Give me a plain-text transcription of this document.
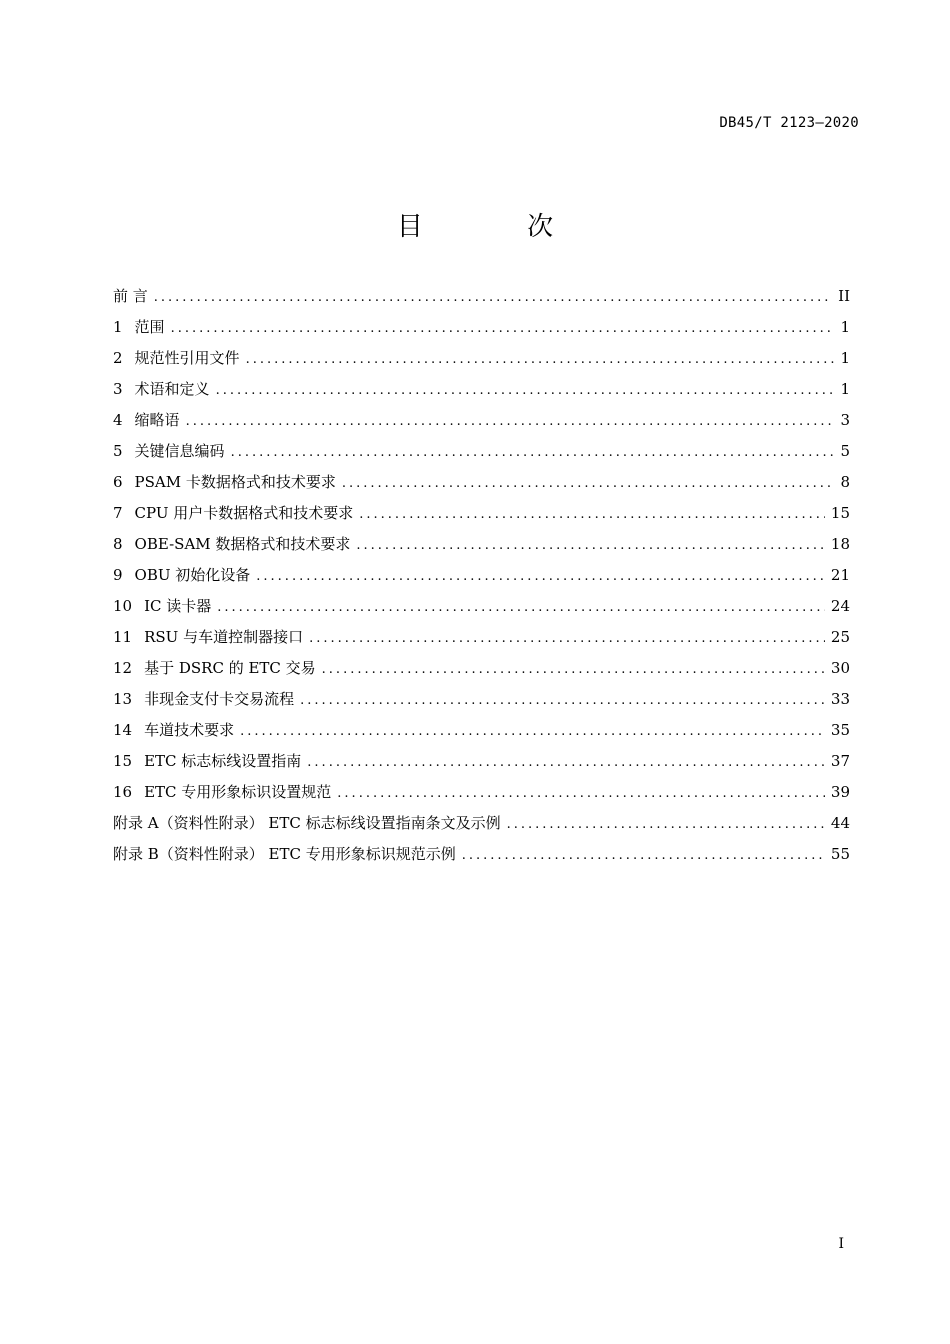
DB45/T 2123—2020
目 次
前 言 .....	II
1 范围 .....	1
2 规范性引用文件 .....	1
3 术语和定义 .....	1
4 缩略语 .....	3
5 关键信息编码 .....	5
6 PSAM 卡数据格式和技术要求 .....	8
7 CPU 用户卡数据格式和技术要求 .....	15
8 OBE-SAM 数据格式和技术要求 .....	18
9 OBU 初始化设备 .....	21
10 IC 读卡器 .....	24
11 RSU 与车道控制器接口 .....	25
12 基于 DSRC 的 ETC 交易 .....	30
13 非现金支付卡交易流程 .....	33
14 车道技术要求 .....	35
15 ETC 标志标线设置指南 .....	37
16 ETC 专用形象标识设置规范 .....	39
附录 A（资料性附录） ETC 标志标线设置指南条文及示例 .....	44
附录 B（资料性附录） ETC 专用形象标识规范示例 .....	55
I
